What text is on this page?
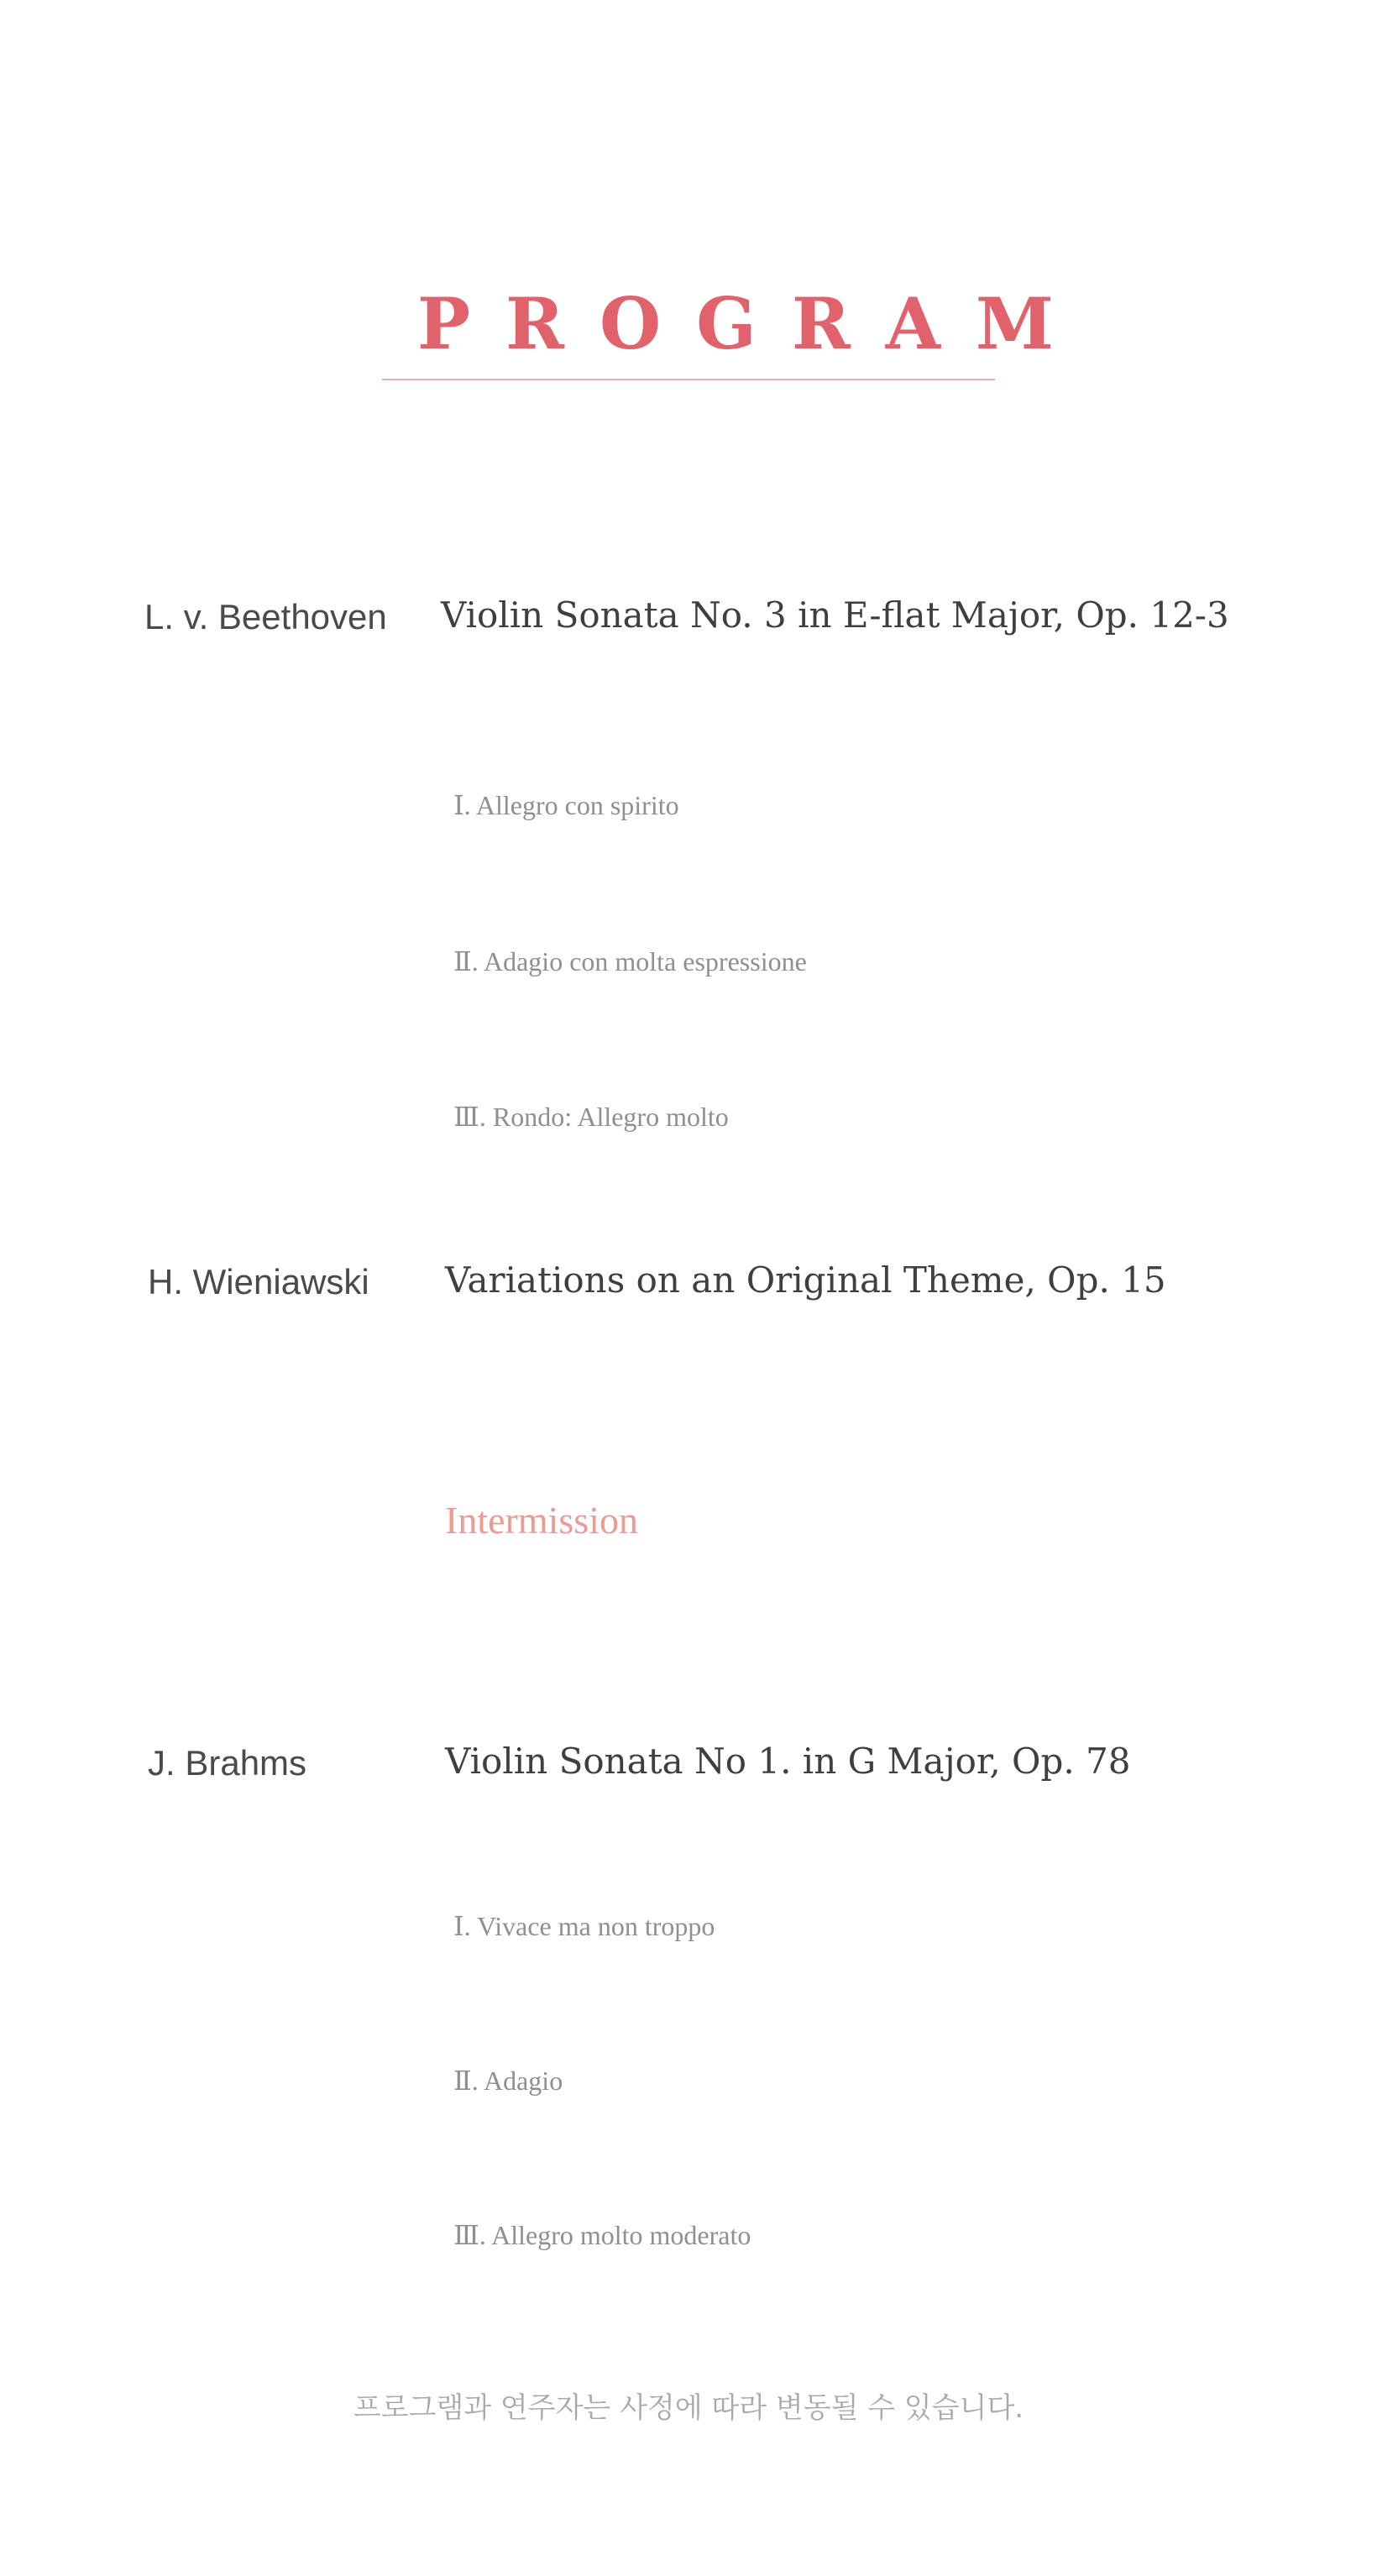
PROGRAM
L. v. Beethoven Violin Sonata No. 3 in E-flat Major, Op. 12-3
Ⅰ. Allegro con spirito
Ⅱ. Adagio con molta espressione
Ⅲ. Rondo: Allegro molto
H. Wieniawski Variations on an Original Theme, Op. 15
Intermission
J. Brahms	Violin Sonata No 1. in G Major, Op. 78
Ⅰ. Vivace ma non troppo
Ⅱ. Adagio
Ⅲ. Allegro molto moderato
프로그램과 연주자는 사정에 따라 변동될 수 있습니다.
